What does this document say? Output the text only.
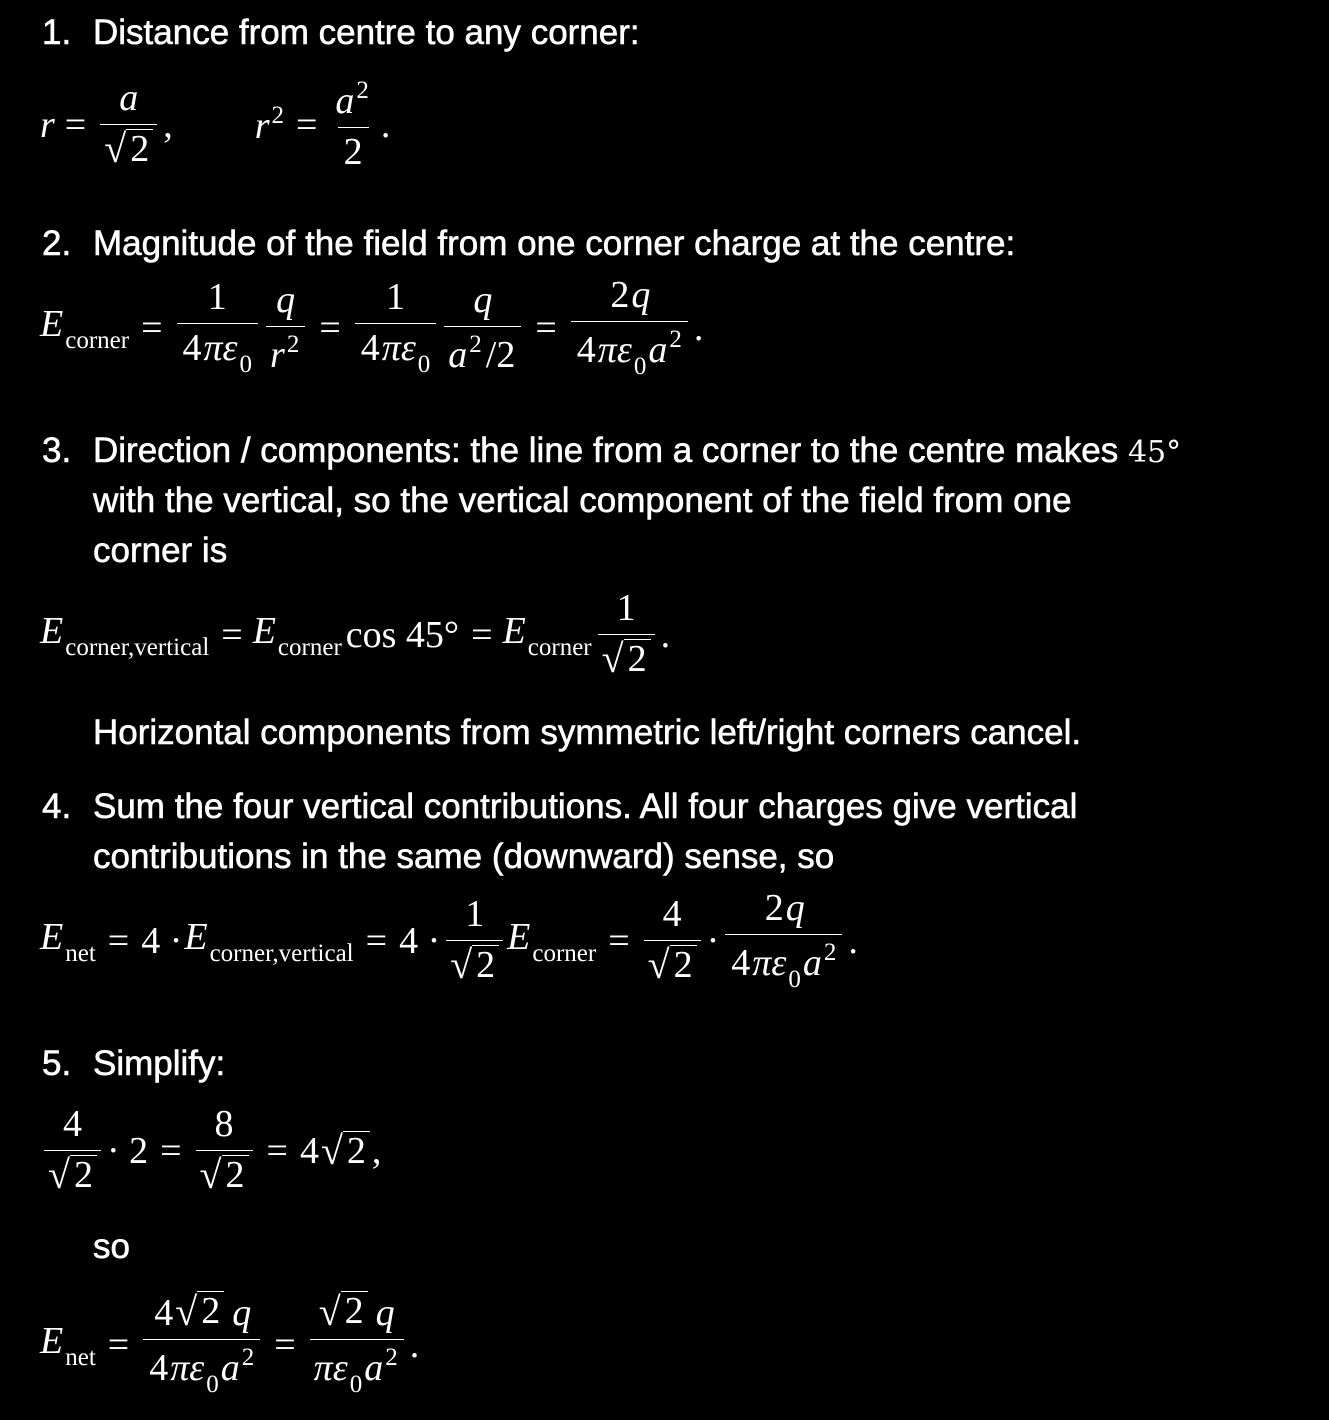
1. Distance from centre to any corner:
$r = \frac{a}{√ 2}$ , $r^2 = \frac{a^2}{2}$ .
2. Magnitude of the field from one corner charge at the centre:
$E_{corner} = \frac{1}{4\pi\varepsilon_0} \frac{q}{r^2} = \frac{1}{4\pi\varepsilon_0} \frac{q}{a^2 /2} = \frac{2q}{4\pi\varepsilon_0a^2}$ .
3. Direction / components: the line from a corner to the centre makes 45°
with the vertical, so the vertical component of the field from one
corner is
$E_{corner,vertical} = E_{corner}$ $\cos 45^\circ = E_{corner} \frac{1}{√ 2}$ .
Horizontal components from symmetric left/right corners cancel.
4. Sum the four vertical contributions. All four charges give vertical
contributions in the same (downward) sense, so
$E_{net} = 4 \cdot E_{corner,vertical} = 4 \cdot \frac{1}{√ 2} E_{corner} = \frac{4}{√ 2} \cdot \frac{2q}{4\pi\varepsilon_0a^2}$ .
5. Simplify:
$\frac{4}{√ 2} \cdot 2 = \frac{8}{√ 2} = 4$ √ 2 ,
so
$E_{net} = \frac{4 √ 2 q}{4\pi\varepsilon_0a^2} = \frac{√ 2 q}{\pi\varepsilon_0a^2}$ .
